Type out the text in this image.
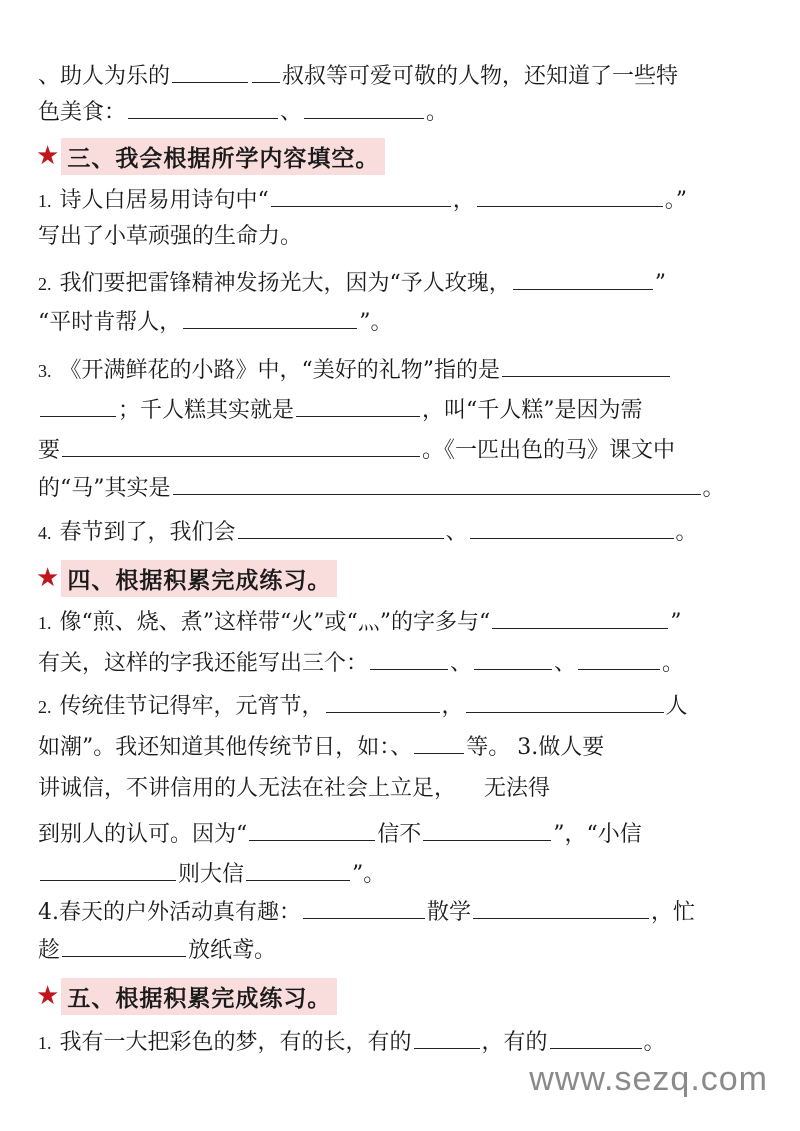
、助人为乐的	叔叔等可爱可敬的人物，还知道了一些特
色美食：	、	。
★ 三、我会根据所学内容填空。
1. 诗人白居易用诗句中“	，	。”
写出了小草顽强的生命力。
2. 我们要把雷锋精神发扬光大，因为“予人玫瑰，	”
“平时肯帮人，	”。
3. 《开满鲜花的小路》中，“美好的礼物”指的是
；千人糕其实就是	，叫“千人糕”是因为需
要	。《一匹出色的马》课文中
的“马”其实是	。
4. 春节到了，我们会	、	。
★ 四、根据积累完成练习。
1. 像“煎、烧、煮”这样带“火”或“灬”的字多与“	”
有关，这样的字我还能写出三个：	、	、	。
2. 传统佳节记得牢，元宵节，	，	人
如潮”。我还知道其他传统节日，如：、 等。 3.做人要
讲诚信，不讲信用的人无法在社会上立足， 无法得
到别人的认可。因为“	信不	”，“小信
则大信	”。
4.春天的户外活动真有趣：	散学	，忙
趁	放纸鸢。
★ 五、根据积累完成练习。
1. 我有一大把彩色的梦，有的长，有的	，有的	。
www.sezq.com
